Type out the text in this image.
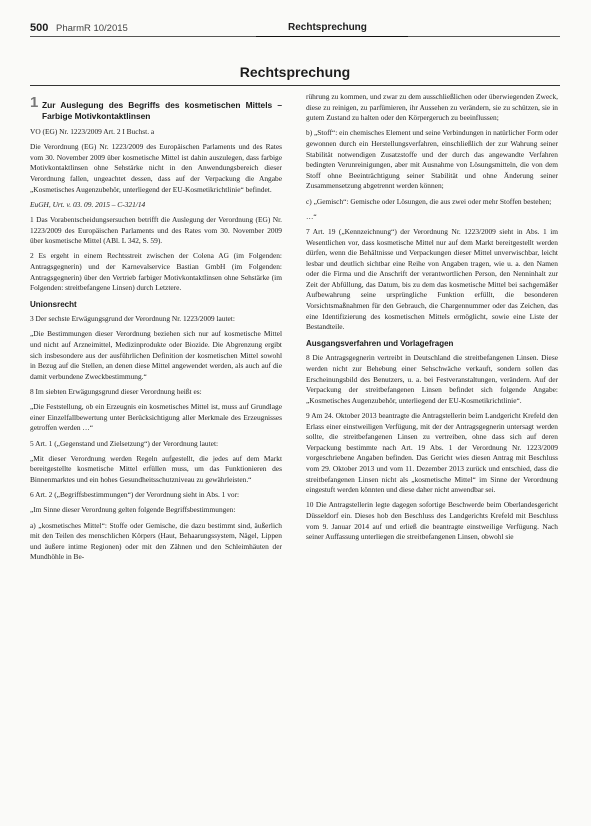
500 PharmR 10/2015	Rechtsprechung
Rechtsprechung
1 Zur Auslegung des Begriffs des kosmetischen Mittels – Farbige Motivkontaktlinsen

VO (EG) Nr. 1223/2009 Art. 2 I Buchst. a

Die Verordnung (EG) Nr. 1223/2009 des Europäischen Parlaments und des Rates vom 30. November 2009 über kosmetische Mittel ist dahin auszulegen, dass farbige Motivkontaktlinsen ohne Sehstärke nicht in den Anwendungsbereich dieser Verordnung fallen, ungeachtet dessen, dass auf der Verpackung die Angabe „Kosmetisches Augenzubehör, unterliegend der EU-Kosmetikrichtlinie“ befindet.

EuGH, Urt. v. 03. 09. 2015 – C-321/14

1 Das Vorabentscheidungsersuchen betrifft die Auslegung der Verordnung (EG) Nr. 1223/2009 des Europäischen Parlaments und des Rates vom 30. November 2009 über kosmetische Mittel (ABl. L 342, S. 59).

2 Es ergeht in einem Rechtsstreit zwischen der Colena AG (im Folgenden: Antragsgegnerin) und der Karnevalservice Bastian GmbH (im Folgenden: Antragsgegnerin) über den Vertrieb farbiger Motivkontaktlinsen ohne Sehstärke (im Folgenden: streitbefangene Linsen) durch Letztere.

Unionsrecht

3 Der sechste Erwägungsgrund der Verordnung Nr. 1223/2009 lautet:

„Die Bestimmungen dieser Verordnung beziehen sich nur auf kosmetische Mittel und nicht auf Arzneimittel, Medizinprodukte oder Biozide. Die Abgrenzung ergibt sich insbesondere aus der ausführlichen Definition der kosmetischen Mittel sowohl in Bezug auf die Stellen, an denen diese Mittel angewendet werden, als auch auf die damit verbundene Zweckbestimmung.“

8 Im siebten Erwägungsgrund dieser Verordnung heißt es:

„Die Feststellung, ob ein Erzeugnis ein kosmetisches Mittel ist, muss auf Grundlage einer Einzelfallbewertung unter Berücksichtigung aller Merkmale des Erzeugnisses getroffen werden …“

5 Art. 1 („Gegenstand und Zielsetzung“) der Verordnung lautet:

„Mit dieser Verordnung werden Regeln aufgestellt, die jedes auf dem Markt bereitgestellte kosmetische Mittel erfüllen muss, um das Funktionieren des Binnenmarktes und ein hohes Gesundheitsschutzniveau zu gewährleisten.“

6 Art. 2 („Begriffsbestimmungen“) der Verordnung sieht in Abs. 1 vor:

„Im Sinne dieser Verordnung gelten folgende Begriffsbestimmungen:

a) „kosmetisches Mittel“: Stoffe oder Gemische, die dazu bestimmt sind, äußerlich mit den Teilen des menschlichen Körpers (Haut, Behaarungssystem, Nägel, Lippen und äußere intime Regionen) oder mit den Zähnen und den Schleimhäuten der Mundhöhle in Be-

rührung zu kommen, und zwar zu dem ausschließlichen oder überwiegenden Zweck, diese zu reinigen, zu parfümieren, ihr Aussehen zu verändern, sie zu schützen, sie in gutem Zustand zu halten oder den Körpergeruch zu beeinflussen;

b) „Stoff“: ein chemisches Element und seine Verbindungen in natürlicher Form oder gewonnen durch ein Herstellungsverfahren, einschließlich der zur Wahrung seiner Stabilität notwendigen Zusatzstoffe und der durch das angewandte Verfahren bedingten Verunreinigungen, aber mit Ausnahme von Lösungsmitteln, die von dem Stoff ohne Beeinträchtigung seiner Stabilität und ohne Änderung seiner Zusammensetzung abgetrennt werden können;

c) „Gemisch“: Gemische oder Lösungen, die aus zwei oder mehr Stoffen bestehen;

…“

7 Art. 19 („Kennzeichnung“) der Verordnung Nr. 1223/2009 sieht in Abs. 1 im Wesentlichen vor, dass kosmetische Mittel nur auf dem Markt bereitgestellt werden dürfen, wenn die Behältnisse und Verpackungen dieser Mittel unverwischbar, leicht lesbar und deutlich sichtbar eine Reihe von Angaben tragen, wie u. a. den Namen oder die Firma und die Anschrift der verantwortlichen Person, den Nenninhalt zur Zeit der Abfüllung, das Datum, bis zu dem das kosmetische Mittel bei sachgemäßer Aufbewahrung seine ursprüngliche Funktion erfüllt, die besonderen Vorsichtsmaßnahmen für den Gebrauch, die Chargennummer oder das Zeichen, das eine Identifizierung des kosmetischen Mittels ermöglicht, sowie eine Liste der Bestandteile.

Ausgangsverfahren und Vorlagefragen

8 Die Antragsgegnerin vertreibt in Deutschland die streitbefangenen Linsen. Diese werden nicht zur Behebung einer Sehschwäche verkauft, sondern sollen das Erscheinungsbild des Benutzers, u. a. bei Festveranstaltungen, verändern. Auf der Verpackung der streitbefangenen Linsen befindet sich folgende Angabe: „Kosmetisches Augenzubehör, unterliegend der EU-Kosmetikrichtlinie“.

9 Am 24. Oktober 2013 beantragte die Antragstellerin beim Landgericht Krefeld den Erlass einer einstweiligen Verfügung, mit der der Antragsgegnerin untersagt werden sollte, die streitbefangenen Linsen zu vertreiben, ohne dass sich auf deren Verpackung bestimmte nach Art. 19 Abs. 1 der Verordnung Nr. 1223/2009 vorgeschriebene Angaben befinden. Das Gericht wies diesen Antrag mit Beschluss vom 29. Oktober 2013 und vom 11. Dezember 2013 zurück und entschied, dass die streitbefangenen Linsen nicht als „kosmetische Mittel“ im Sinne der Verordnung eingestuft werden könnten und diese daher nicht anwendbar sei.

10 Die Antragstellerin legte dagegen sofortige Beschwerde beim Oberlandesgericht Düsseldorf ein. Dieses hob den Beschluss des Landgerichts Krefeld mit Beschluss vom 9. Januar 2014 auf und erließ die beantragte einstweilige Verfügung. Nach seiner Auffassung unterliegen die streitbefangenen Linsen, obwohl sie
